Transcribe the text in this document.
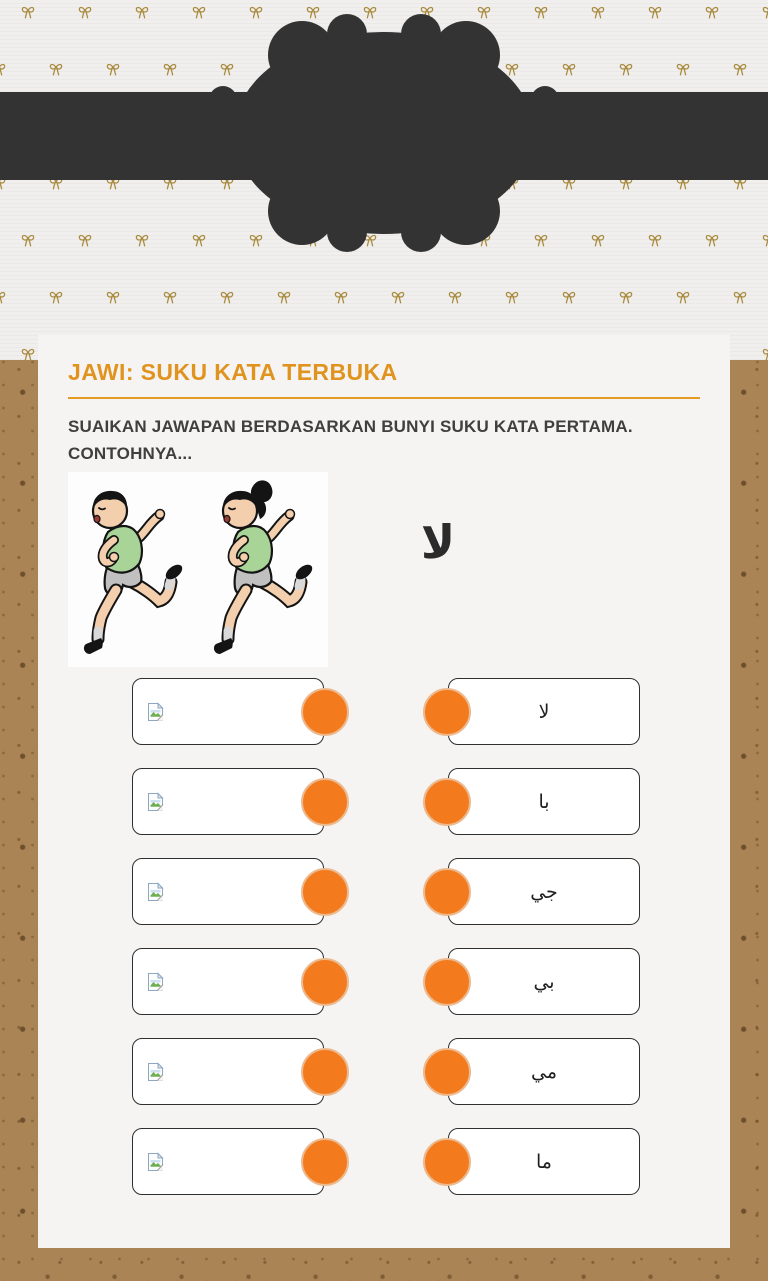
JAWI: SUKU KATA TERBUKA
SUAIKAN JAWAPAN BERDASARKAN BUNYI SUKU KATA PERTAMA.
CONTOHNYA...
لا
لا
با
جي
بي
مي
ما
